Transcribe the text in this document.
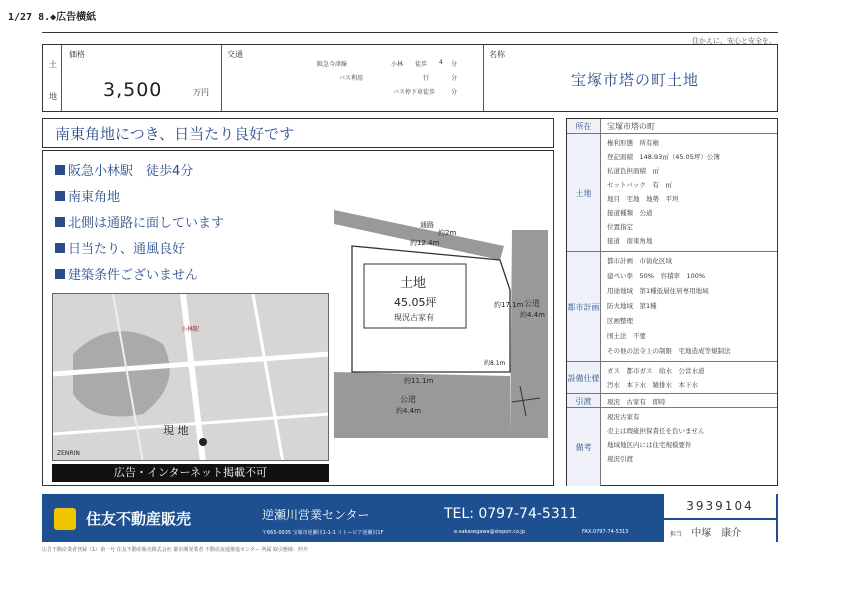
1/27 8.◆広告横紙
住かえに、安心と安全を。
土
地
価格
3,500	万円
交通
阪急今津線	小林 徒歩 4 分
バス利用	行	分
バス停下車徒歩	分
名称
宝塚市塔の町土地
南東角地につき、日当たり良好です
阪急小林駅　徒歩4分
南東角地
北側は通路に面しています
日当たり、通風良好
建築条件ございません
現 地
小林駅
ZENRIN
広告・インターネット掲載不可
土地
45.05坪
現況古家有
通路
約2m
約12.4m
公道
約4.4m
約17.1m
約11.1m
公道
約4.4m
約8.1m
所在	宝塚市塔の町
土地
権利形態　所有権
登記面積　148.93㎡（45.05坪）公簿
私道負担面積　㎡
セットバック　有　㎡
地目　宅地　地勢　平坦
接道種類　公道
位置指定
接道　南東角地
都市計画
都市計画　市街化区域
建ぺい率　50%　容積率　100%
用途地域　第1種低層住居専用地域
防火地域　第1種
区画整理
国土法　不要
その他の法令上の制限　宅地造成等規制法
設備仕様
ガス　都市ガス　給水　公営水道
汚水　本下水　雑排水　本下水
引渡	現況　古家有　即時
備考
現況古家有
売主は瑕疵担保責任を負いません
地域地区内には住宅規模要件
現況引渡
住友不動産販売	逆瀬川営業センター	TEL: 0797-74-5311
〒665-0035 宝塚市逆瀬川1-1-1 イトーピア逆瀬川1F	e-sakasegawa@stepon.co.jp	FAX:0797-74-5313
3939104
担当 中塚　康介
広告不動産業者登録（1）第一号 住友不動産販売株式会社 都市開発業者 不動産流通推進センター 所属 取引態様：仲介
